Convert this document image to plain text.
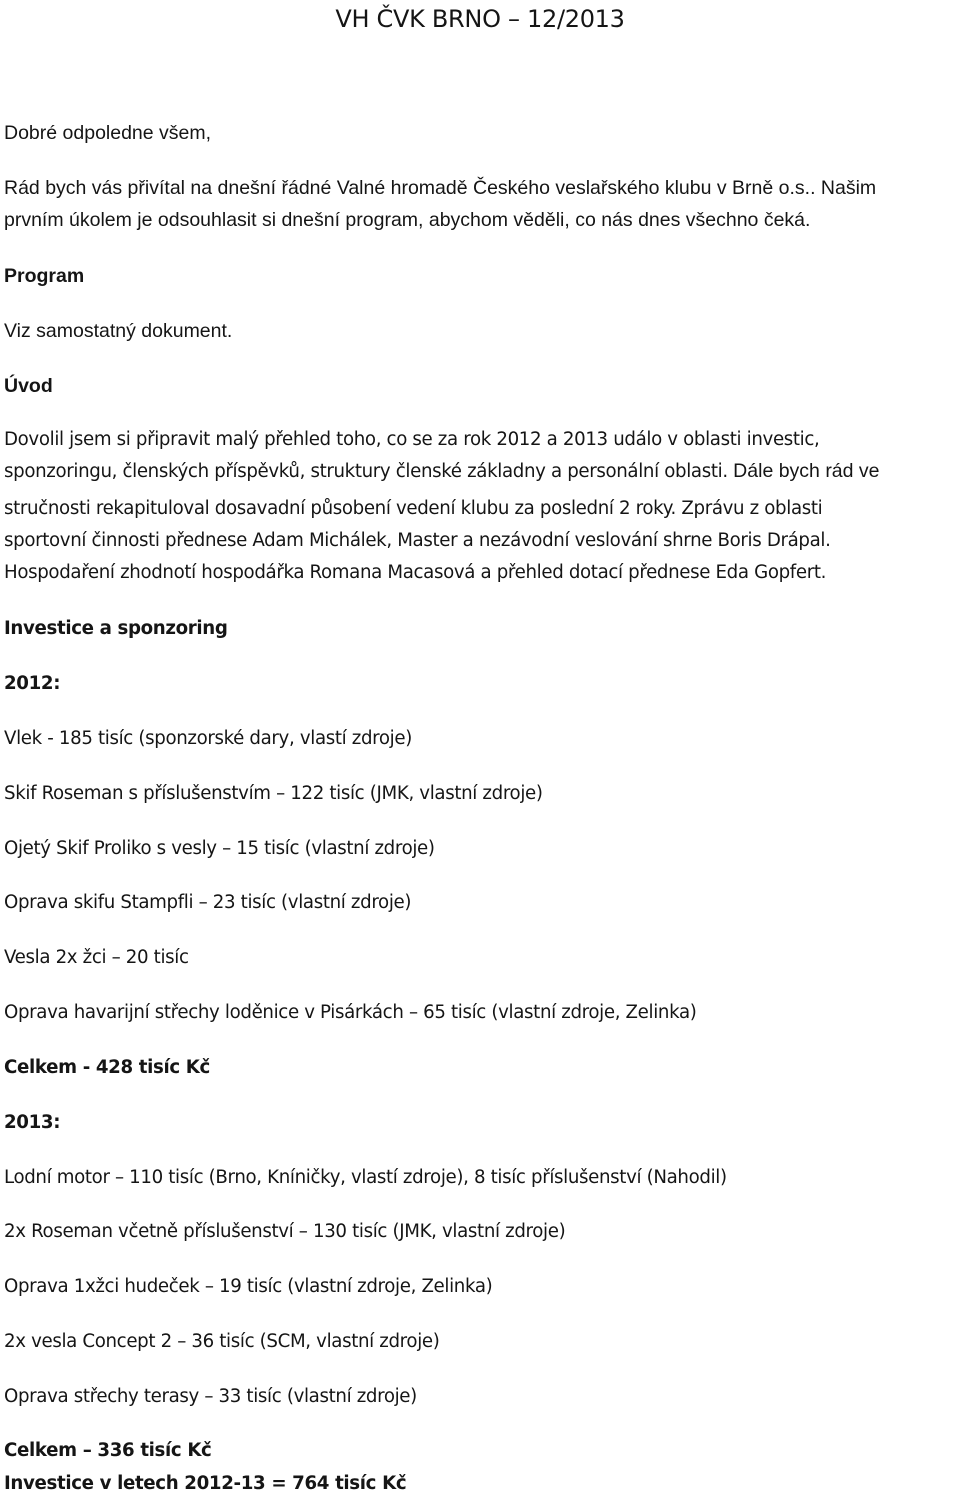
VH ČVK BRNO – 12/2013
Dobré odpoledne všem,
Rád bych vás přivítal na dnešní řádné Valné hromadě Českého veslařského klubu v Brně o.s.. Našim
prvním úkolem je odsouhlasit si dnešní program, abychom věděli, co nás dnes všechno čeká.
Program
Viz samostatný dokument.
Úvod
Dovolil jsem si připravit malý přehled toho, co se za rok 2012 a 2013 událo v oblasti investic,
sponzoringu, členských příspěvků, struktury členské základny a personální oblasti. Dále bych rád ve
stručnosti rekapituloval dosavadní působení vedení klubu za poslední 2 roky. Zprávu z oblasti
sportovní činnosti přednese Adam Michálek, Master a nezávodní veslování shrne Boris Drápal.
Hospodaření zhodnotí hospodářka Romana Macasová a přehled dotací přednese Eda Gopfert.
Investice a sponzoring
2012:
Vlek - 185 tisíc (sponzorské dary, vlastí zdroje)
Skif Roseman s příslušenstvím – 122 tisíc (JMK, vlastní zdroje)
Ojetý Skif Proliko s vesly – 15 tisíc (vlastní zdroje)
Oprava skifu Stampfli – 23 tisíc (vlastní zdroje)
Vesla 2x žci – 20 tisíc
Oprava havarijní střechy loděnice v Pisárkách – 65 tisíc (vlastní zdroje, Zelinka)
Celkem - 428 tisíc Kč
2013:
Lodní motor – 110 tisíc (Brno, Kníničky, vlastí zdroje), 8 tisíc příslušenství (Nahodil)
2x Roseman včetně příslušenství – 130 tisíc (JMK, vlastní zdroje)
Oprava 1xžci hudeček – 19 tisíc (vlastní zdroje, Zelinka)
2x vesla Concept 2 – 36 tisíc (SCM, vlastní zdroje)
Oprava střechy terasy – 33 tisíc (vlastní zdroje)
Celkem – 336 tisíc Kč
Investice v letech 2012-13 = 764 tisíc Kč
